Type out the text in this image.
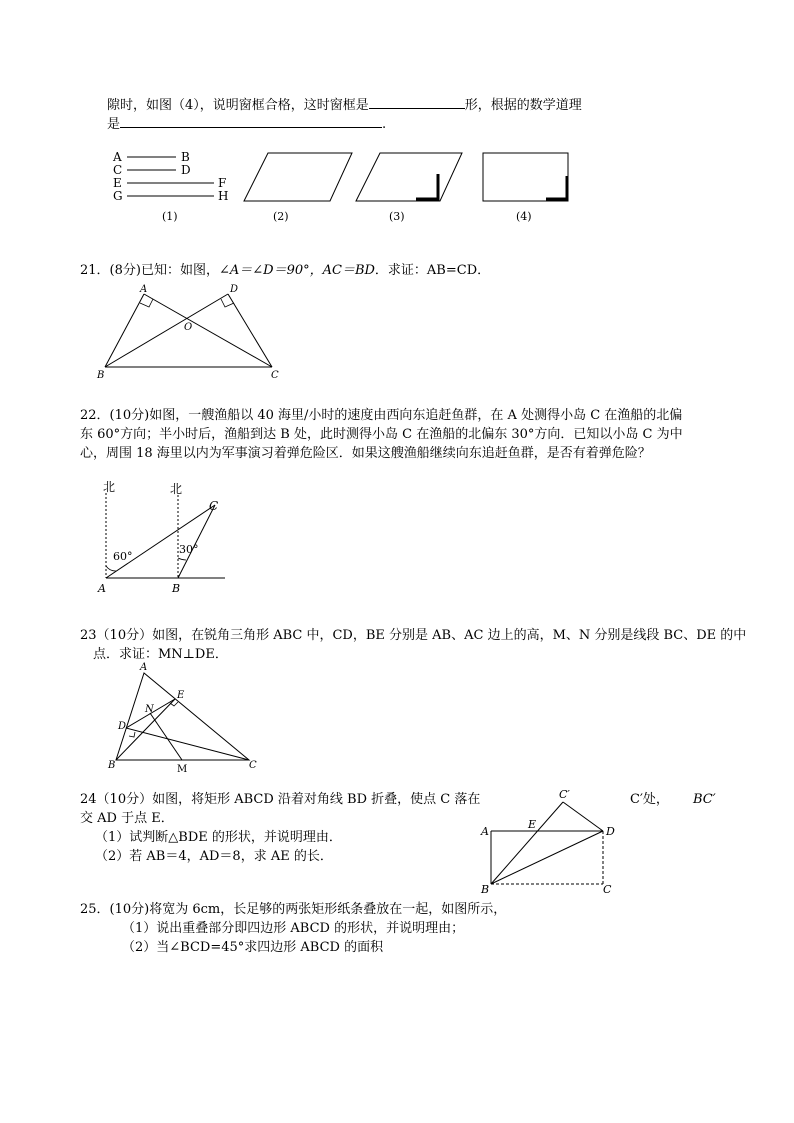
隙时，如图（4），说明窗框合格，这时窗框是	形，根据的数学道理
是	.
A	B
C	D
E	F
G	H
(1)	(2)	(3)	(4)
21．(8分)已知：如图，∠A＝∠D＝90°，AC＝BD．求证：AB=CD．
A	D
O
B	C
22．(10分)如图，一艘渔船以 40 海里/小时的速度由西向东追赶鱼群，在 A 处测得小岛 C 在渔船的北偏
东 60°方向；半小时后，渔船到达 B 处，此时测得小岛 C 在渔船的北偏东 30°方向．已知以小岛 C 为中
心，周围 18 海里以内为军事演习着弹危险区．如果这艘渔船继续向东追赶鱼群，是否有着弹危险？
北	北
C
60°
30°
A	B
23（10分）如图，在锐角三角形 ABC 中，CD，BE 分别是 AB、AC 边上的高，M、N 分别是线段 BC、DE 的中
点．求证：MN⊥DE．
A
E
N
D
B	M	C
24（10分）如图，将矩形 ABCD 沿着对角线 BD 折叠，使点 C 落在	C′处， BC′
交 AD 于点 E．
（1）试判断△BDE 的形状，并说明理由．
（2）若 AB＝4，AD＝8，求 AE 的长．
C′
A
E
D
B	C
25．(10分)将宽为 6cm，长足够的两张矩形纸条叠放在一起，如图所示，
（1）说出重叠部分即四边形 ABCD 的形状，并说明理由；
（2）当∠BCD=45°求四边形 ABCD 的面积
